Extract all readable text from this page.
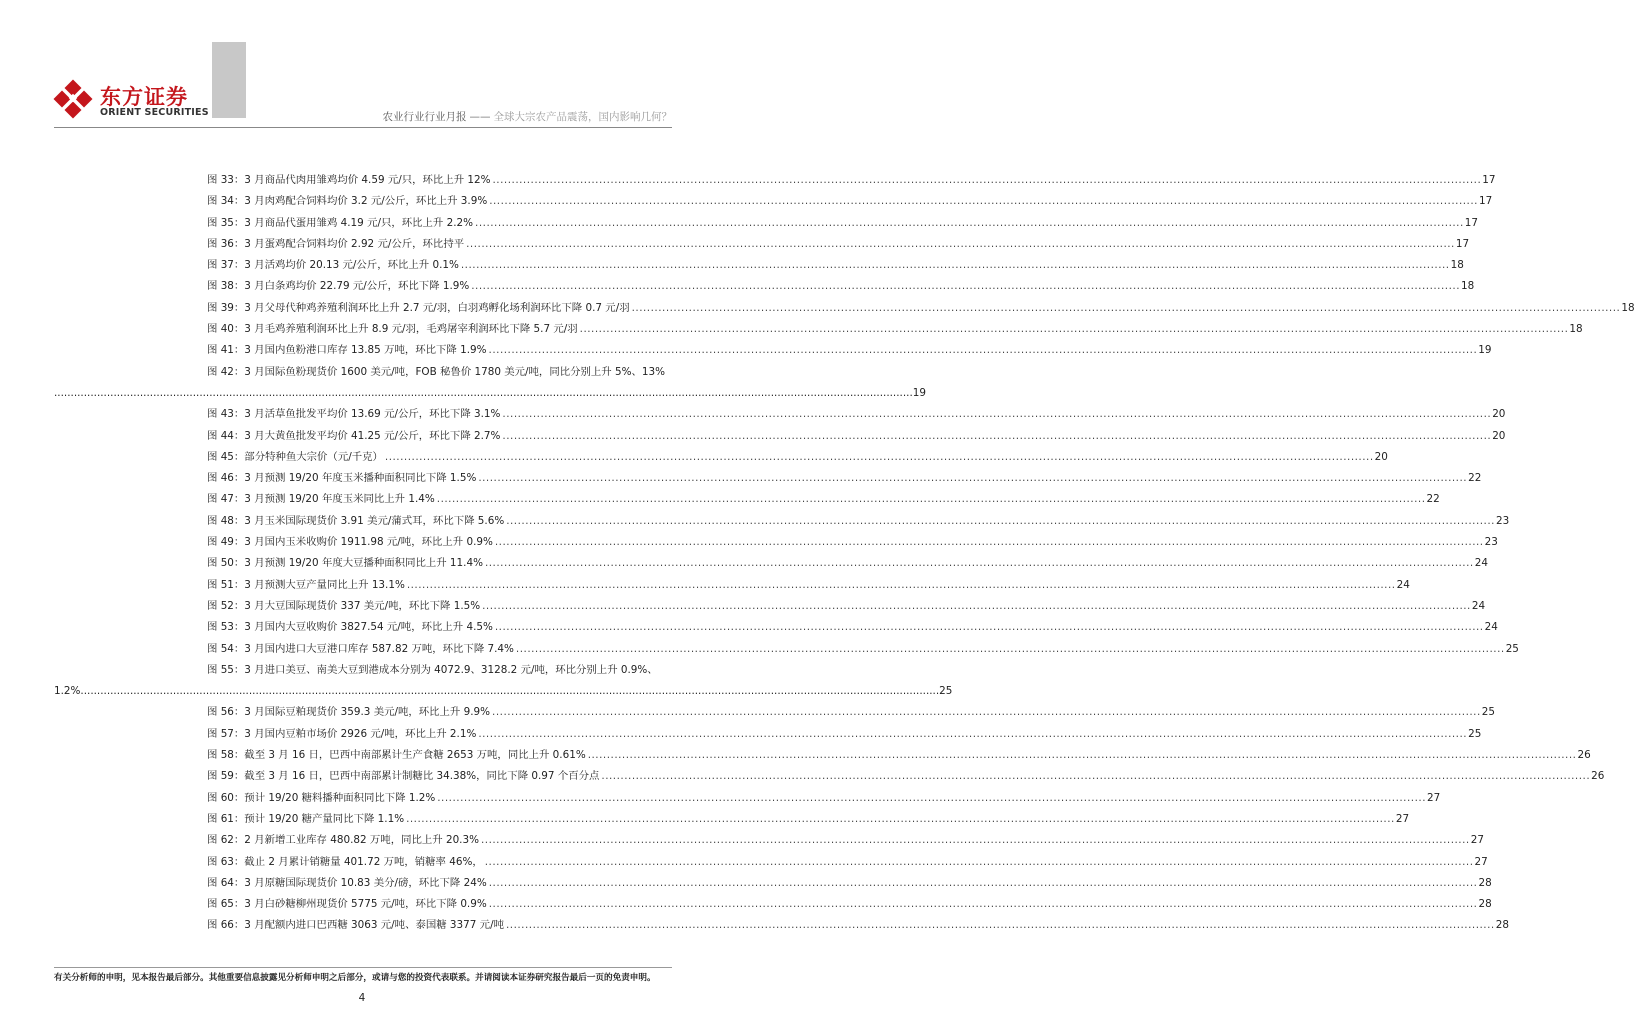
东方证券
ORIENT SECURITIES	农业行业行业月报 —— 全球大宗农产品震荡，国内影响几何？
图 33：3 月商品代肉用雏鸡均价 4.59 元/只，环比上升 12% .................................................................................................................................................................................................................................................................... 17
图 34：3 月肉鸡配合饲料均价 3.2 元/公斤，环比上升 3.9% .................................................................................................................................................................................................................................................................... 17
图 35：3 月商品代蛋用雏鸡 4.19 元/只，环比上升 2.2% .................................................................................................................................................................................................................................................................... 17
图 36：3 月蛋鸡配合饲料均价 2.92 元/公斤，环比持平 .................................................................................................................................................................................................................................................................... 17
图 37：3 月活鸡均价 20.13 元/公斤，环比上升 0.1% .................................................................................................................................................................................................................................................................... 18
图 38：3 月白条鸡均价 22.79 元/公斤，环比下降 1.9% .................................................................................................................................................................................................................................................................... 18
图 39：3 月父母代种鸡养殖利润环比上升 2.7 元/羽，白羽鸡孵化场利润环比下降 0.7 元/羽 .................................................................................................................................................................................................................................................................... 18
图 40：3 月毛鸡养殖利润环比上升 8.9 元/羽，毛鸡屠宰利润环比下降 5.7 元/羽 .................................................................................................................................................................................................................................................................... 18
图 41：3 月国内鱼粉港口库存 13.85 万吨，环比下降 1.9% .................................................................................................................................................................................................................................................................... 19
图 42：3 月国际鱼粉现货价 1600 美元/吨，FOB 秘鲁价 1780 美元/吨，同比分别上升 5%、13%
.................................................................................................................................................................................................................................................................... 19
图 43：3 月活草鱼批发平均价 13.69 元/公斤，环比下降 3.1% .................................................................................................................................................................................................................................................................... 20
图 44：3 月大黄鱼批发平均价 41.25 元/公斤，环比下降 2.7% .................................................................................................................................................................................................................................................................... 20
图 45：部分特种鱼大宗价（元/千克） .................................................................................................................................................................................................................................................................... 20
图 46：3 月预测 19/20 年度玉米播种面积同比下降 1.5% .................................................................................................................................................................................................................................................................... 22
图 47：3 月预测 19/20 年度玉米同比上升 1.4% .................................................................................................................................................................................................................................................................... 22
图 48：3 月玉米国际现货价 3.91 美元/蒲式耳，环比下降 5.6% .................................................................................................................................................................................................................................................................... 23
图 49：3 月国内玉米收购价 1911.98 元/吨，环比上升 0.9% .................................................................................................................................................................................................................................................................... 23
图 50：3 月预测 19/20 年度大豆播种面积同比上升 11.4% .................................................................................................................................................................................................................................................................... 24
图 51：3 月预测大豆产量同比上升 13.1% .................................................................................................................................................................................................................................................................... 24
图 52：3 月大豆国际现货价 337 美元/吨，环比下降 1.5% .................................................................................................................................................................................................................................................................... 24
图 53：3 月国内大豆收购价 3827.54 元/吨，环比上升 4.5% .................................................................................................................................................................................................................................................................... 24
图 54：3 月国内进口大豆港口库存 587.82 万吨，环比下降 7.4% .................................................................................................................................................................................................................................................................... 25
图 55：3 月进口美豆、南美大豆到港成本分别为 4072.9、3128.2 元/吨，环比分别上升 0.9%、
1.2% .................................................................................................................................................................................................................................................................... 25
图 56：3 月国际豆粕现货价 359.3 美元/吨，环比上升 9.9% .................................................................................................................................................................................................................................................................... 25
图 57：3 月国内豆粕市场价 2926 元/吨，环比上升 2.1% .................................................................................................................................................................................................................................................................... 25
图 58：截至 3 月 16 日，巴西中南部累计生产食糖 2653 万吨，同比上升 0.61% .................................................................................................................................................................................................................................................................... 26
图 59：截至 3 月 16 日，巴西中南部累计制糖比 34.38%，同比下降 0.97 个百分点 .................................................................................................................................................................................................................................................................... 26
图 60：预计 19/20 糖料播种面积同比下降 1.2% .................................................................................................................................................................................................................................................................... 27
图 61：预计 19/20 糖产量同比下降 1.1% .................................................................................................................................................................................................................................................................... 27
图 62：2 月新增工业库存 480.82 万吨，同比上升 20.3% .................................................................................................................................................................................................................................................................... 27
图 63：截止 2 月累计销糖量 401.72 万吨，销糖率 46%， .................................................................................................................................................................................................................................................................... 27
图 64：3 月原糖国际现货价 10.83 美分/磅，环比下降 24% .................................................................................................................................................................................................................................................................... 28
图 65：3 月白砂糖柳州现货价 5775 元/吨，环比下降 0.9% .................................................................................................................................................................................................................................................................... 28
图 66：3 月配额内进口巴西糖 3063 元/吨、泰国糖 3377 元/吨 .................................................................................................................................................................................................................................................................... 28
有关分析师的申明，见本报告最后部分。其他重要信息披露见分析师申明之后部分，或请与您的投资代表联系。并请阅读本证券研究报告最后一页的免责申明。
4
